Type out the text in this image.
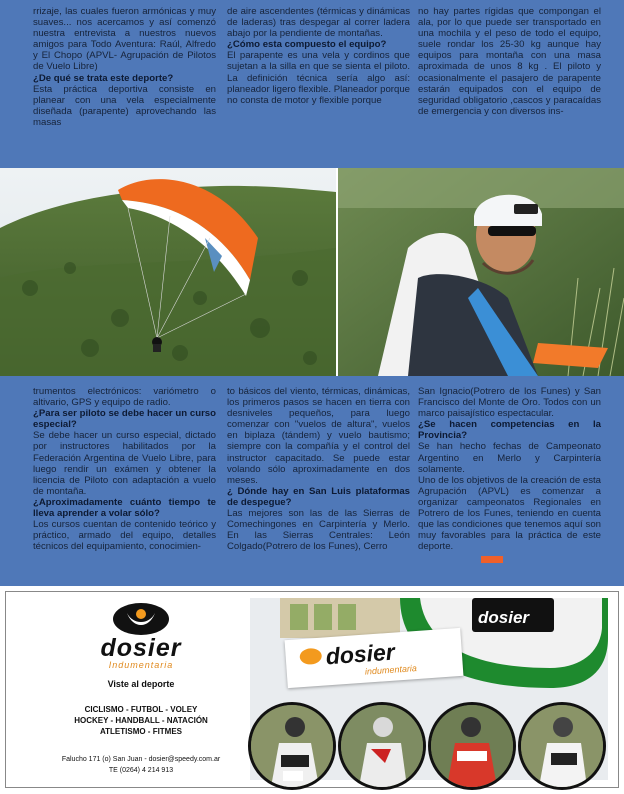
rrizaje, las cuales fueron armónicas y muy suaves... nos acercamos y así comenzó nuestra entrevista a nuestros nuevos amigos para Todo Aventura: Raúl, Alfredo y El Chopo (APVL- Agrupación de Pilotos de Vuelo Libre)

¿De qué se trata este deporte?

Esta práctica deportiva consiste en planear con una vela especialmente diseñada (parapente) aprovechando las masas

de aire ascendentes (térmicas y dinámicas de laderas) tras despegar al correr ladera abajo por la pendiente de montañas.

¿Cómo esta compuesto el equipo?

El parapente es una vela y cordinos que sujetan a la silla en que se sienta el piloto. La definición técnica sería algo así: planeador ligero flexible. Planeador porque no consta de motor y flexible porque

no hay partes rígidas que compongan el ala, por lo que puede ser transportado en una mochila y el peso de todo el equipo, suele rondar los 25-30 kg aunque hay equipos para montaña con una masa aproximada de unos 8 kg . El piloto y ocasionalmente el pasajero de parapente estarán equipados con el equipo de seguridad obligatorio ,cascos y paracaídas de emergencia y con diversos ins-

trumentos electrónicos: variómetro o altivario, GPS y equipo de radio.

¿Para ser piloto se debe hacer un curso especial?

Se debe hacer un curso especial, dictado por instructores habilitados por la Federación Argentina de Vuelo Libre, para luego rendir un exámen y obtener la licencia de Piloto con adaptación a vuelo de montaña.

¿Aproximadamente cuánto tiempo te lleva aprender a volar sólo?

Los cursos cuentan de contenido teórico y práctico, armado del equipo, detalles técnicos del equipamiento, conocimien-

to básicos del viento, térmicas, dinámicas, los primeros pasos se hacen en tierra con desniveles pequeños, para luego comenzar con "vuelos de altura", vuelos en biplaza (tándem) y vuelo bautismo; siempre con la compañía y el control del instructor capacitado. Se puede estar volando sólo aproximadamente en dos meses.

¿ Dónde hay en San Luis plataformas de despegue?

Las mejores son las de las Sierras de Comechingones en Carpintería y Merlo. En las Sierras Centrales: León Colgado(Potrero de los Funes), Cerro

San Ignacio(Potrero de los Funes) y San Francisco del Monte de Oro. Todos con un marco paisajístico espectacular.

¿Se hacen competencias en la Provincia?

Se han hecho fechas de Campeonato Argentino en Merlo y Carpintería solamente.

Uno de los objetivos de la creación de esta Agrupación (APVL) es comenzar a organizar campeonatos Regionales en Potrero de los Funes, teniendo en cuenta que las condiciones que tenemos aquí son muy favorables para la práctica de este deporte.

dosier
Indumentaria
Viste al deporte
CICLISMO - FUTBOL - VOLEY
HOCKEY - HANDBALL - NATACIÓN
ATLETISMO - FITMES
Falucho 171 (o) San Juan - dosier@speedy.com.ar
TE (0264) 4 214 913
dosier
indumentaria
dosier
